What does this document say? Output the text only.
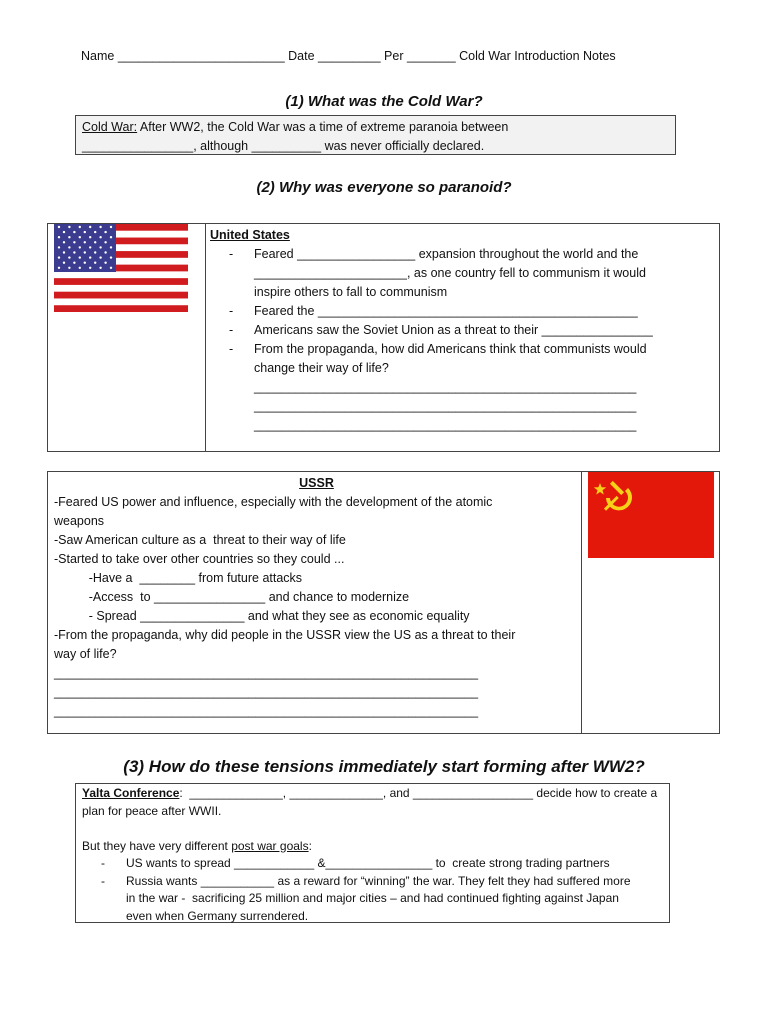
Name ________________________ Date _________ Per _______ Cold War Introduction Notes
(1) What was the Cold War?
Cold War: After WW2, the Cold War was a time of extreme paranoia between
________________, although __________ was never officially declared.
(2) Why was everyone so paranoid?
United States
- Feared _________________ expansion throughout the world and the
______________________, as one country fell to communism it would
inspire others to fall to communism
- Feared the ______________________________________________
- Americans saw the Soviet Union as a threat to their ________________
- From the propaganda, how did Americans think that communists would
change their way of life?
_______________________________________________________
_______________________________________________________
_______________________________________________________
USSR
-Feared US power and influence, especially with the development of the atomic
weapons
-Saw American culture as a  threat to their way of life
-Started to take over other countries so they could ...
-Have a  ________ from future attacks
-Access  to ________________ and chance to modernize
- Spread _______________ and what they see as economic equality
-From the propaganda, why did people in the USSR view the US as a threat to their
way of life?
_____________________________________________________________
_____________________________________________________________
_____________________________________________________________
(3) How do these tensions immediately start forming after WW2?
Yalta Conference:  ______________, ______________, and __________________ decide how to create a
plan for peace after WWII.
But they have very different post war goals:
- US wants to spread ____________ &________________ to  create strong trading partners
- Russia wants ___________ as a reward for “winning” the war. They felt they had suffered more
in the war -  sacrificing 25 million and major cities – and had continued fighting against Japan
even when Germany surrendered.
